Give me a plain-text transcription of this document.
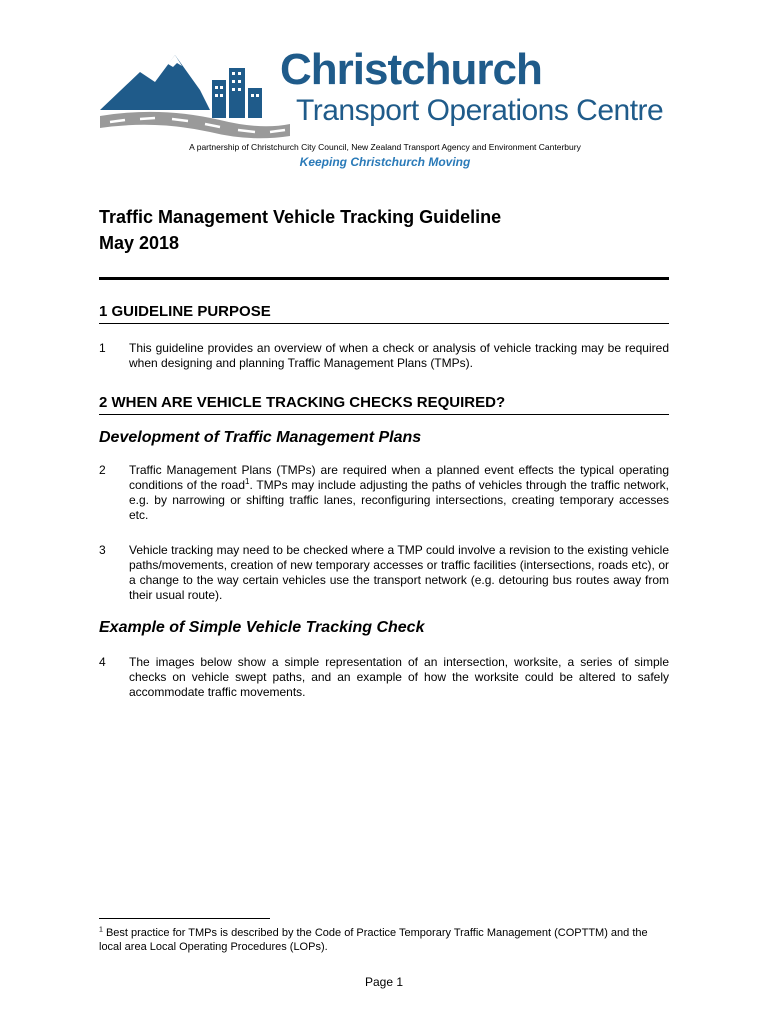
Christchurch
Transport Operations Centre
A partnership of Christchurch City Council, New Zealand Transport Agency and Environment Canterbury
Keeping Christchurch Moving
Traffic Management Vehicle Tracking Guideline
May 2018
1 GUIDELINE PURPOSE
1 This guideline provides an overview of when a check or analysis of vehicle tracking may be required when designing and planning Traffic Management Plans (TMPs).
2 WHEN ARE VEHICLE TRACKING CHECKS REQUIRED?
Development of Traffic Management Plans
2 Traffic Management Plans (TMPs) are required when a planned event effects the typical operating conditions of the road$^1$. TMPs may include adjusting the paths of vehicles through the traffic network, e.g. by narrowing or shifting traffic lanes, reconfiguring intersections, creating temporary accesses etc.
3 Vehicle tracking may need to be checked where a TMP could involve a revision to the existing vehicle paths/movements, creation of new temporary accesses or traffic facilities (intersections, roads etc), or a change to the way certain vehicles use the transport network (e.g. detouring bus routes away from their usual route).
Example of Simple Vehicle Tracking Check
4 The images below show a simple representation of an intersection, worksite, a series of simple checks on vehicle swept paths, and an example of how the worksite could be altered to safely accommodate traffic movements.
$^1$ Best practice for TMPs is described by the Code of Practice Temporary Traffic Management (COPTTM) and the local area Local Operating Procedures (LOPs).
Page 1
